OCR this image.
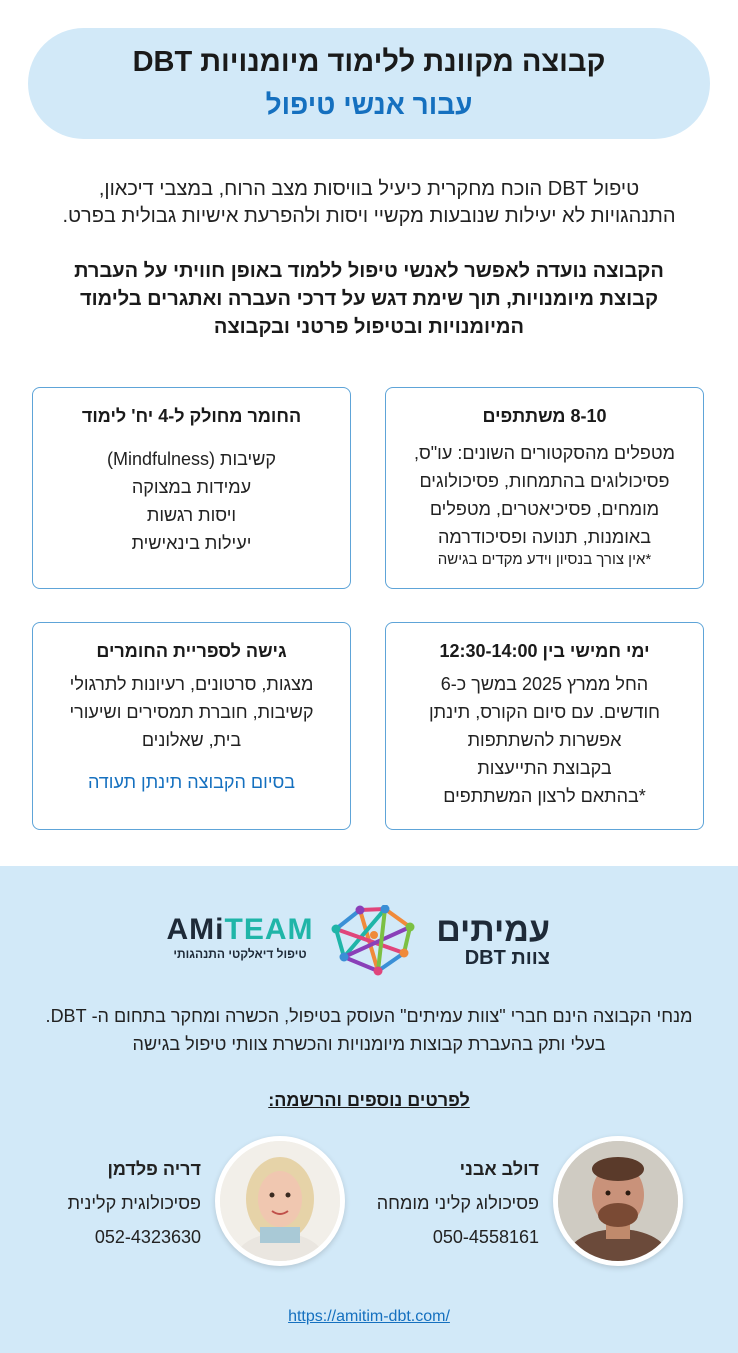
קבוצה מקוונת ללימוד מיומנויות DBT
עבור אנשי טיפול
טיפול DBT הוכח מחקרית כיעיל בוויסות מצב הרוח, במצבי דיכאון,
התנהגויות לא יעילות שנובעות מקשיי ויסות ולהפרעת אישיות גבולית בפרט.
הקבוצה נועדה לאפשר לאנשי טיפול ללמוד באופן חוויתי על העברת
קבוצת מיומנויות, תוך שימת דגש על דרכי העברה ואתגרים בלימוד
המיומנויות ובטיפול פרטני ובקבוצה
8-10 משתתפים
מטפלים מהסקטורים השונים: עו"ס,
פסיכולוגים בהתמחות, פסיכולוגים
מומחים, פסיכיאטרים, מטפלים
באומנות, תנועה ופסיכודרמה
*אין צורך בנסיון וידע מקדים בגישה
החומר מחולק ל-4 יח' לימוד
קשיבות (Mindfulness)
עמידות במצוקה
ויסות רגשות
יעילות בינאישית
ימי חמישי בין 12:30-14:00
החל ממרץ 2025 במשך כ-6
חודשים. עם סיום הקורס, תינתן
אפשרות להשתתפות
בקבוצת התייעצות
*בהתאם לרצון המשתתפים
גישה לספריית החומרים
מצגות, סרטונים, רעיונות לתרגולי
קשיבות, חוברת תמסירים ושיעורי
בית, שאלונים
בסיום הקבוצה תינתן תעודה
עמיתים
צוות DBT
AMiTEAM
טיפול דיאלקטי התנהגותי
מנחי הקבוצה הינם חברי "צוות עמיתים" העוסק בטיפול, הכשרה ומחקר בתחום ה- DBT.
בעלי ותק בהעברת קבוצות מיומנויות והכשרת צוותי טיפול בגישה
לפרטים נוספים והרשמה:
דולב אבני
פסיכולוג קליני מומחה
050-4558161
דריה פלדמן
פסיכולוגית קלינית
052-4323630
https://amitim-dbt.com/
